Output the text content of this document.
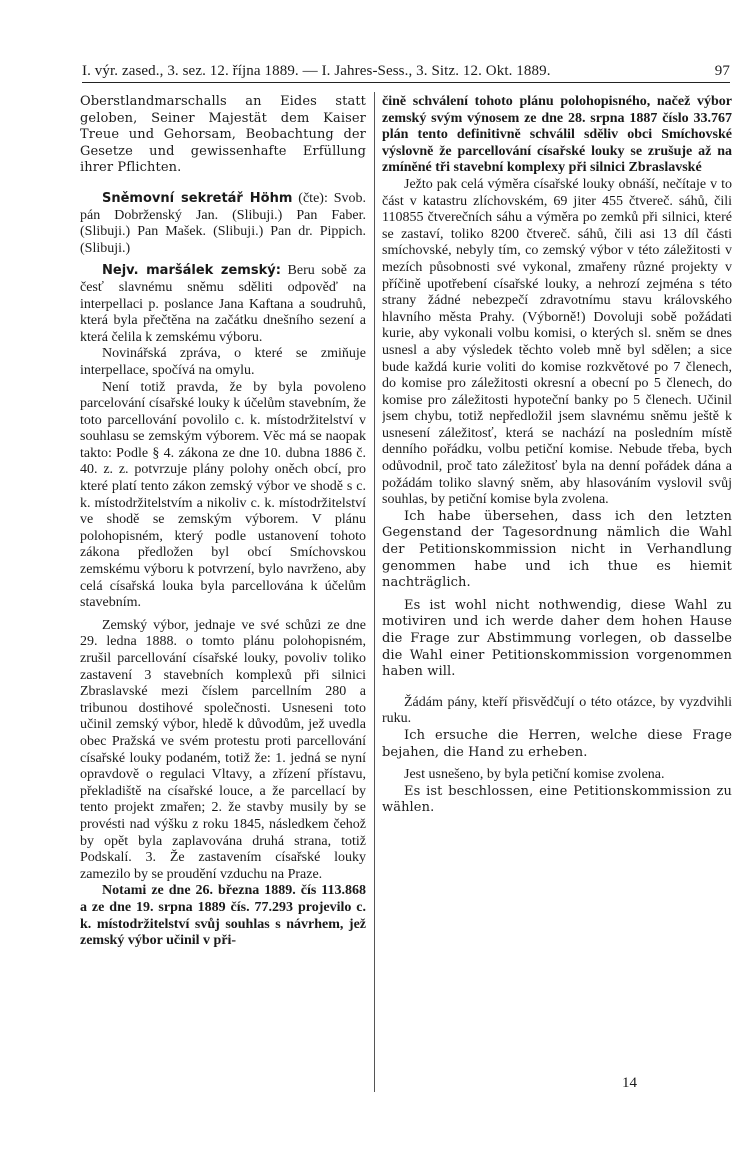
I. výr. zased., 3. sez. 12. října 1889. — I. Jahres-Sess., 3. Sitz. 12. Okt. 1889.	97

Oberstlandmarschalls an Eides statt geloben, Seiner Majestät dem Kaiser Treue und Gehorsam, Beobachtung der Gesetze und gewissenhafte Erfüllung ihrer Pflichten.

Sněmovní sekretář Höhm (čte): Svob. pán Dobrženský Jan. (Slibuji.) Pan Faber. (Slibuji.) Pan Mašek. (Slibuji.) Pan dr. Pippich. (Slibuji.)

Nejv. maršálek zemský: Beru sobě za česť slavnému sněmu sděliti odpověď na interpellaci p. poslance Jana Kaftana a soudruhů, která byla přečtěna na začátku dnešního sezení a která čelila k zemskému výboru.

Novinářská zpráva, o které se zmiňuje interpellace, spočívá na omylu.

Není totiž pravda, že by byla povoleno parcelování císařské louky k účelům stavebním, že toto parcellování povolilo c. k. místodržitelství v souhlasu se zemským výborem. Věc má se naopak takto: Podle § 4. zákona ze dne 10. dubna 1886 č. 40. z. z. potvrzuje plány polohy oněch obcí, pro které platí tento zákon zemský výbor ve shodě s c. k. místodržitelstvím a nikoliv c. k. místodržitelství ve shodě se zemským výborem. V plánu polohopisném, který podle ustanovení tohoto zákona předložen byl obcí Smíchovskou zemskému výboru k potvrzení, bylo navrženo, aby celá císařská louka byla parcellována k účelům stavebním.

Zemský výbor, jednaje ve své schůzi ze dne 29. ledna 1888. o tomto plánu polohopisném, zrušil parcellování císařské louky, povoliv toliko zastavení 3 stavebních komplexů při silnici Zbraslavské mezi číslem parcellním 280 a tribunou dostihové společnosti. Usneseni toto učinil zemský výbor, hledě k důvodům, jež uvedla obec Pražská ve svém protestu proti parcellování císařské louky podaném, totiž že: 1. jedná se nyní opravdově o regulaci Vltavy, a zřízení přístavu, překladiště na císařské louce, a že parcellací by tento projekt zmařen; 2. že stavby musily by se provésti nad výšku z roku 1845, následkem čehož by opět byla zaplavována druhá strana, totiž Podskalí. 3. Že zastavením císařské louky zamezilo by se proudění vzduchu na Praze.

Notami ze dne 26. března 1889. čís 113.868 a ze dne 19. srpna 1889 čís. 77.293 projevilo c. k. místodržitelství svůj souhlas s návrhem, jež zemský výbor učinil v při-

čině schválení tohoto plánu polohopisného, načež výbor zemský svým výnosem ze dne 28. srpna 1887 číslo 33.767 plán tento definitivně schválil sděliv obci Smíchovské výslovně že parcellování císařské louky se zrušuje až na zmíněné tři stavební komplexy při silnici Zbraslavské

Ježto pak celá výměra císařské louky obnáší, nečítaje v to část v katastru zlíchovském, 69 jiter 455 čtvereč. sáhů, čili 110855 čtverečních sáhu a výměra po zemků při silnici, které se zastaví, toliko 8200 čtvereč. sáhů, čili asi 13 díl části smíchovské, nebyly tím, co zemský výbor v této záležitosti v mezích působnosti své vykonal, zmařeny různé projekty v příčině upotřebení císařské louky, a nehrozí zejména s této strany žádné nebezpečí zdravotnímu stavu královského hlavního města Prahy. (Výborně!) Dovoluji sobě požádati kurie, aby vykonali volbu komisi, o kterých sl. sněm se dnes usnesl a aby výsledek těchto voleb mně byl sdělen; a sice bude každá kurie voliti do komise rozkvětové po 7 členech, do komise pro záležitosti okresní a obecní po 5 členech, do komise pro záležitosti hypoteční banky po 5 členech. Učinil jsem chybu, totiž nepředložil jsem slavnému sněmu ještě k usnesení záležitosť, která se nachází na posledním místě denního pořádku, volbu petiční komise. Nebude třeba, bych odůvodnil, proč tato záležitosť byla na denní pořádek dána a požádám toliko slavný sněm, aby hlasováním vyslovil svůj souhlas, by petiční komise byla zvolena.

Ich habe übersehen, dass ich den letzten Gegenstand der Tagesordnung nämlich die Wahl der Petitionskommission nicht in Verhandlung genommen habe und ich thue es hiemit nachträglich.

Es ist wohl nicht nothwendig, diese Wahl zu motiviren und ich werde daher dem hohen Hause die Frage zur Abstimmung vorlegen, ob dasselbe die Wahl einer Petitionskommission vorgenommen haben will.

Žádám pány, kteří přisvědčují o této otázce, by vyzdvihli ruku.

Ich ersuche die Herren, welche diese Frage bejahen, die Hand zu erheben.

Jest usnešeno, by byla petiční komise zvolena.

Es ist beschlossen, eine Petitionskommission zu wählen.

14
